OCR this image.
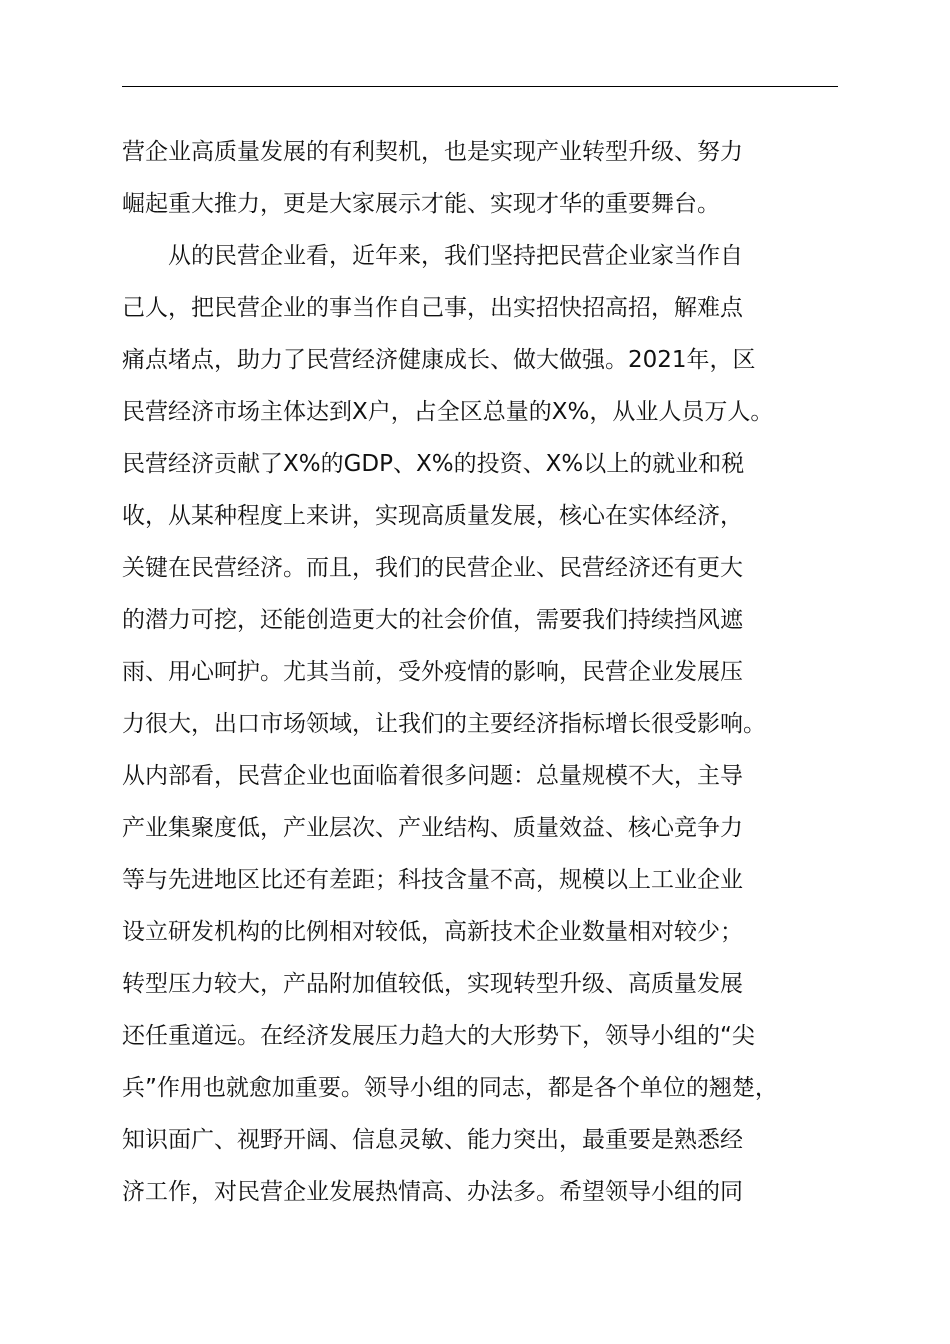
营企业高质量发展的有利契机，也是实现产业转型升级、努力
崛起重大推力，更是大家展示才能、实现才华的重要舞台。
　　从的民营企业看，近年来，我们坚持把民营企业家当作自
己人，把民营企业的事当作自己事，出实招快招高招，解难点
痛点堵点，助力了民营经济健康成长、做大做强。2021年，区
民营经济市场主体达到X户，占全区总量的X%，从业人员万人。
民营经济贡献了X%的GDP、X%的投资、X%以上的就业和税
收，从某种程度上来讲，实现高质量发展，核心在实体经济，
关键在民营经济。而且，我们的民营企业、民营经济还有更大
的潜力可挖，还能创造更大的社会价值，需要我们持续挡风遮
雨、用心呵护。尤其当前，受外疫情的影响，民营企业发展压
力很大，出口市场领域，让我们的主要经济指标增长很受影响。
从内部看，民营企业也面临着很多问题：总量规模不大，主导
产业集聚度低，产业层次、产业结构、质量效益、核心竞争力
等与先进地区比还有差距；科技含量不高，规模以上工业企业
设立研发机构的比例相对较低，高新技术企业数量相对较少；
转型压力较大，产品附加值较低，实现转型升级、高质量发展
还任重道远。在经济发展压力趋大的大形势下，领导小组的“尖
兵”作用也就愈加重要。领导小组的同志，都是各个单位的翘楚，
知识面广、视野开阔、信息灵敏、能力突出，最重要是熟悉经
济工作，对民营企业发展热情高、办法多。希望领导小组的同
